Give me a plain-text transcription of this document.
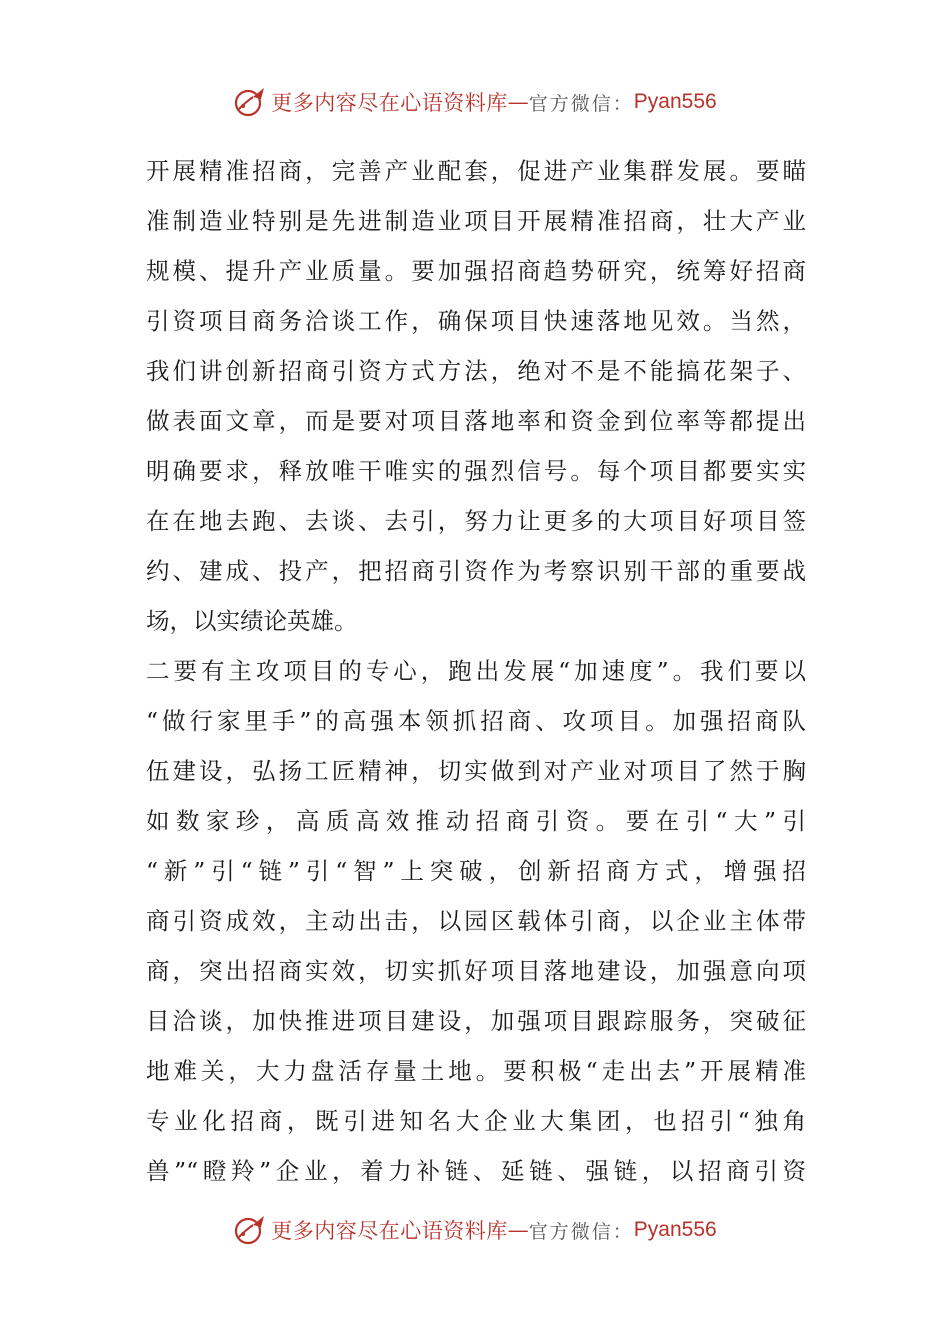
更多内容尽在心语资料库 — 官方微信： Pyan556
开展精准招商，完善产业配套，促进产业集群发展。要瞄
准制造业特别是先进制造业项目开展精准招商，壮大产业
规模、提升产业质量。要加强招商趋势研究，统筹好招商
引资项目商务洽谈工作，确保项目快速落地见效。当然，
我们讲创新招商引资方式方法，绝对不是不能搞花架子、
做表面文章，而是要对项目落地率和资金到位率等都提出
明确要求，释放唯干唯实的强烈信号。每个项目都要实实
在在地去跑、去谈、去引，努力让更多的大项目好项目签
约、建成、投产，把招商引资作为考察识别干部的重要战
场，以实绩论英雄。
二要有主攻项目的专心，跑出发展“加速度”。我们要以
“做行家里手”的高强本领抓招商、攻项目。加强招商队
伍建设，弘扬工匠精神，切实做到对产业对项目了然于胸
如数家珍，高质高效推动招商引资。要在引“大”引
“新”引“链”引“智”上突破，创新招商方式，增强招
商引资成效，主动出击，以园区载体引商，以企业主体带
商，突出招商实效，切实抓好项目落地建设，加强意向项
目洽谈，加快推进项目建设，加强项目跟踪服务，突破征
地难关，大力盘活存量土地。要积极“走出去”开展精准
专业化招商，既引进知名大企业大集团，也招引“独角
兽”“瞪羚”企业，着力补链、延链、强链，以招商引资
更多内容尽在心语资料库 — 官方微信： Pyan556
